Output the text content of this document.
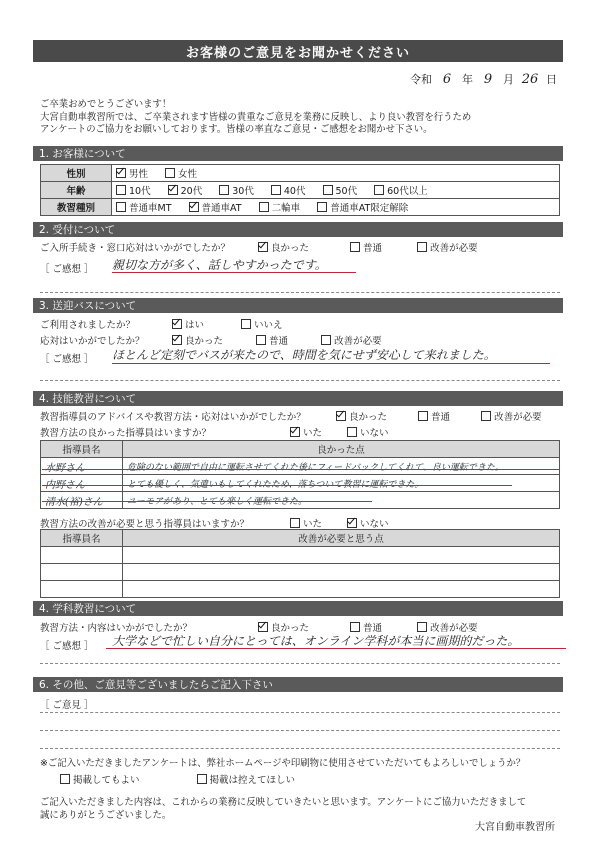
お客様のご意見をお聞かせください
令和 6 年 9 月 26 日
ご卒業おめでとうございます！
大宮自動車教習所では、ご卒業されます皆様の貴重なご意見を業務に反映し、より良い教習を行うため
アンケートのご協力をお願いしております。皆様の率直なご意見・ご感想をお聞かせ下さい。
1. お客様について
性別	男性 女性
年齢	10代 20代 30代 40代 50代 60代以上
教習種別	普通車MT 普通車AT 二輪車 普通車AT限定解除
2. 受付について
ご入所手続き・窓口応対はいかがでしたか？	良かった	普通	改善が必要
［ ご感想 ］ 親切な方が多く、話しやすかったです。
3. 送迎バスについて
ご利用されましたか？	はい	いいえ
応対はいかがでしたか？	良かった	普通	改善が必要
［ ご感想 ］ ほとんど定刻でバスが来たので、時間を気にせず安心して来れました。
4. 技能教習について
教習指導員のアドバイスや教習方法・応対はいかがでしたか？	良かった	普通	改善が必要
教習方法の良かった指導員はいますか？	いた	いない
指導員名	良かった点
水野さん	危険のない範囲で自由に運転させてくれた後にフィードバックしてくれて、良い運転できた。
内野さん	とても優しく、気遣いもしてくれたため、落ちついて教習に運転できた。
清水(裕)さん	ユーモアがあり、とても楽しく運転できた。
教習方法の改善が必要と思う指導員はいますか？	いた	いない
指導員名	改善が必要と思う点

4. 学科教習について
教習方法・内容はいかがでしたか？	良かった	普通	改善が必要
［ ご感想 ］ 大学などで忙しい自分にとっては、オンライン学科が本当に画期的だった。
6. その他、ご意見等ございましたらご記入下さい
［ ご意見 ］
※ご記入いただきましたアンケートは、弊社ホームページや印刷物に使用させていただいてもよろしいでしょうか？
掲載してもよい	掲載は控えてほしい
ご記入いただきました内容は、これからの業務に反映していきたいと思います。アンケートにご協力いただきまして
誠にありがとうございました。
大宮自動車教習所
